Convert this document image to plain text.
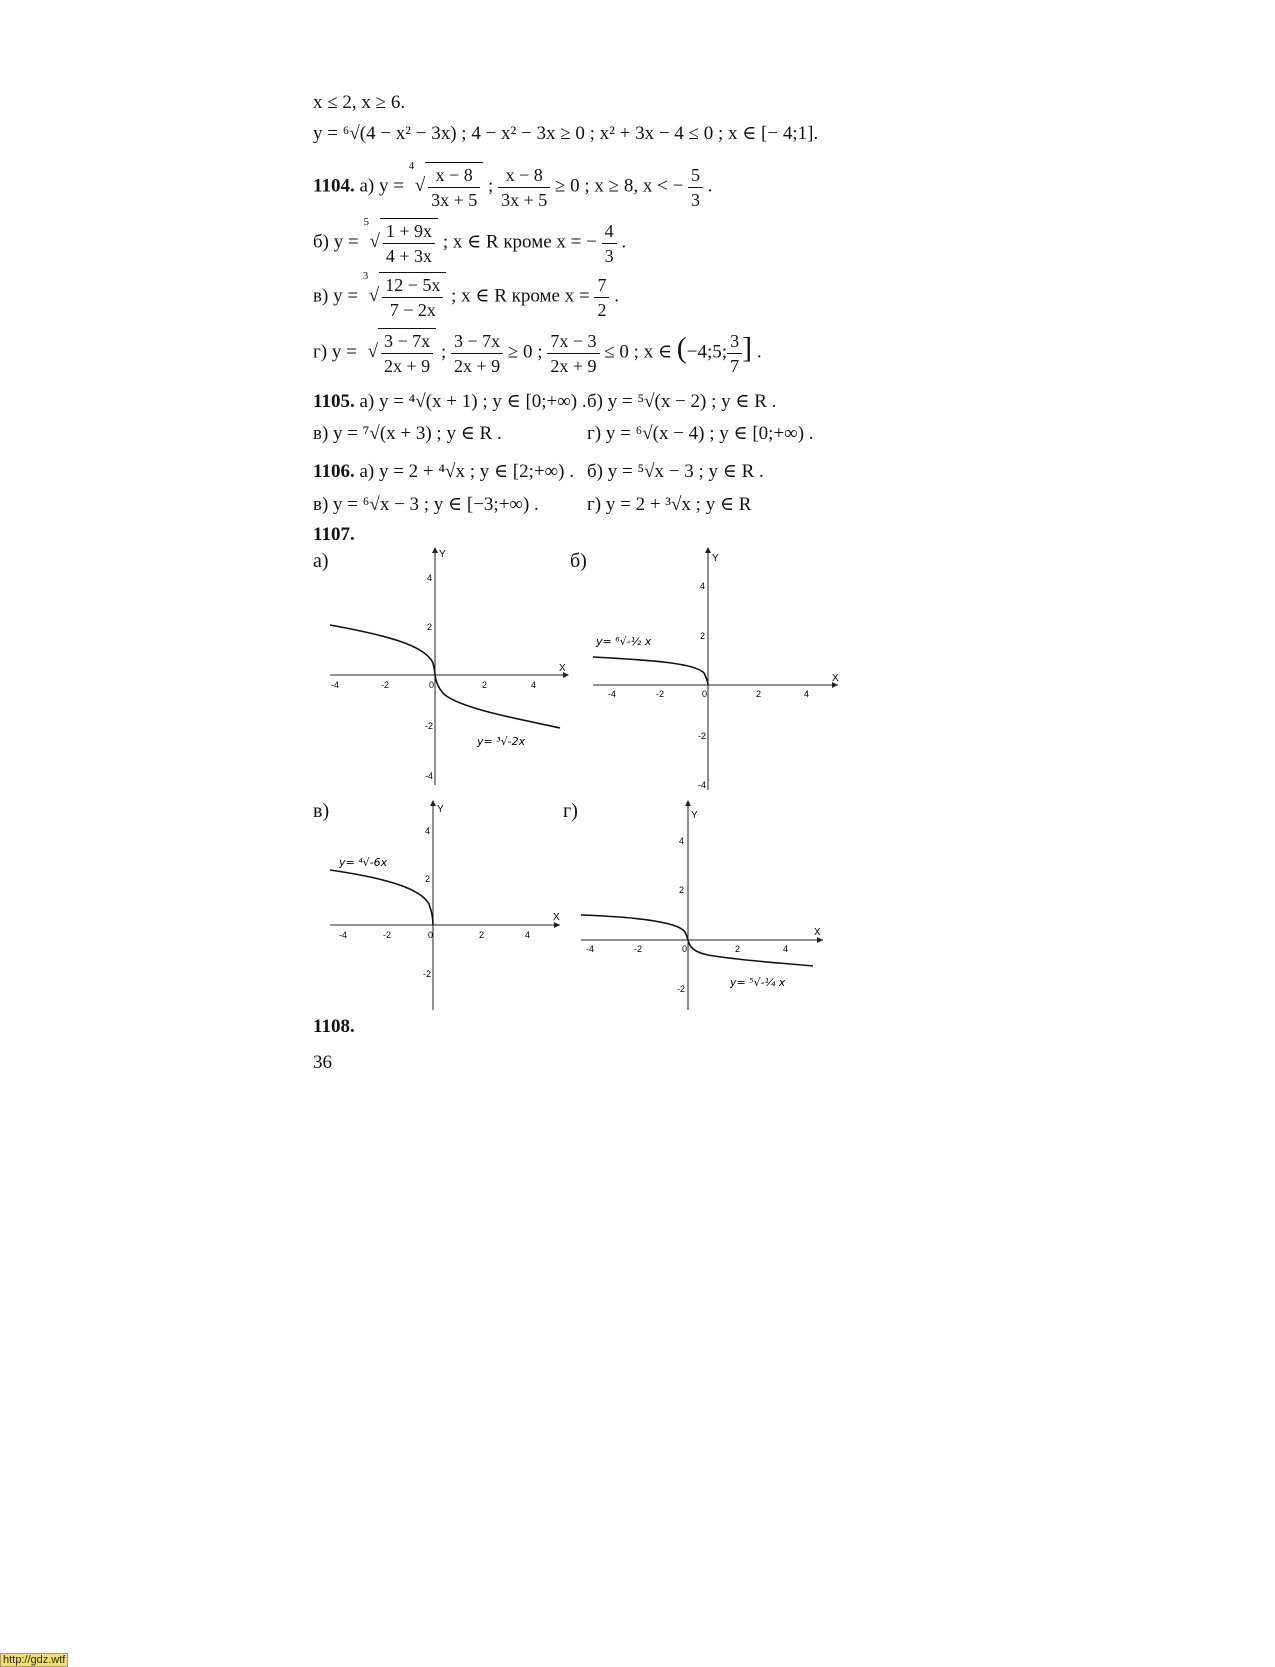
x ≤ 2, x ≥ 6.
y = ⁶√(4 − x² − 3x) ; 4 − x² − 3x ≥ 0 ; x² + 3x − 4 ≤ 0 ; x ∈ [− 4;1].
1104. а) y =
4
√ $\frac{x - 8}{3x + 5}$ ; $\frac{x - 8}{3x + 5} \ge 0$ ; x ≥ 8, x < − $\frac{5}{3}$ .
б) y =
5
√ $\frac{1 + 9x}{4 + 3x}$ ; x ∈ R кроме x = − $\frac{4}{3}$ .
в) y =
3
√ $\frac{12 - 5x}{7 - 2x}$ ; x ∈ R кроме $x = \frac{7}{2}$ .
г) y = √ $\frac{3 - 7x}{2x + 9}$ ; $\frac{3 - 7x}{2x + 9} \ge 0$ ; $\frac{7x - 3}{2x + 9} \le 0$ ; x ∈ (−4;5; $\frac{3}{7}$ ] .
1105. а) y = ⁴√(x + 1) ; y ∈ [0;+∞) . б) y = ⁵√(x − 2) ; y ∈ R .
в) y = ⁷√(x + 3) ; y ∈ R .	г) y = ⁶√(x − 4) ; y ∈ [0;+∞) .
1106. а) y = 2 + ⁴√x ; y ∈ [2;+∞) . б) y = ⁵√x − 3 ; y ∈ R .
в) y = ⁶√x − 3 ; y ∈ [−3;+∞) .	г) y = 2 + ³√x ; y ∈ R
1107.
а)	б)
в)	г)
X
Y
-4	-2	0	2	4
4
2
-2
-4
y= ³√-2x
X
Y
-4	-2	0	2	4
4
2
-2
-4
y= ⁶√-½ x
X
Y
-4	-2	0	2	4
4
2
-2
y= ⁴√-6x
X
Y
-4	-2	0	2	4
4
2
-2	y= ⁵√-¼ x
1108.
36
http://gdz.wtf
